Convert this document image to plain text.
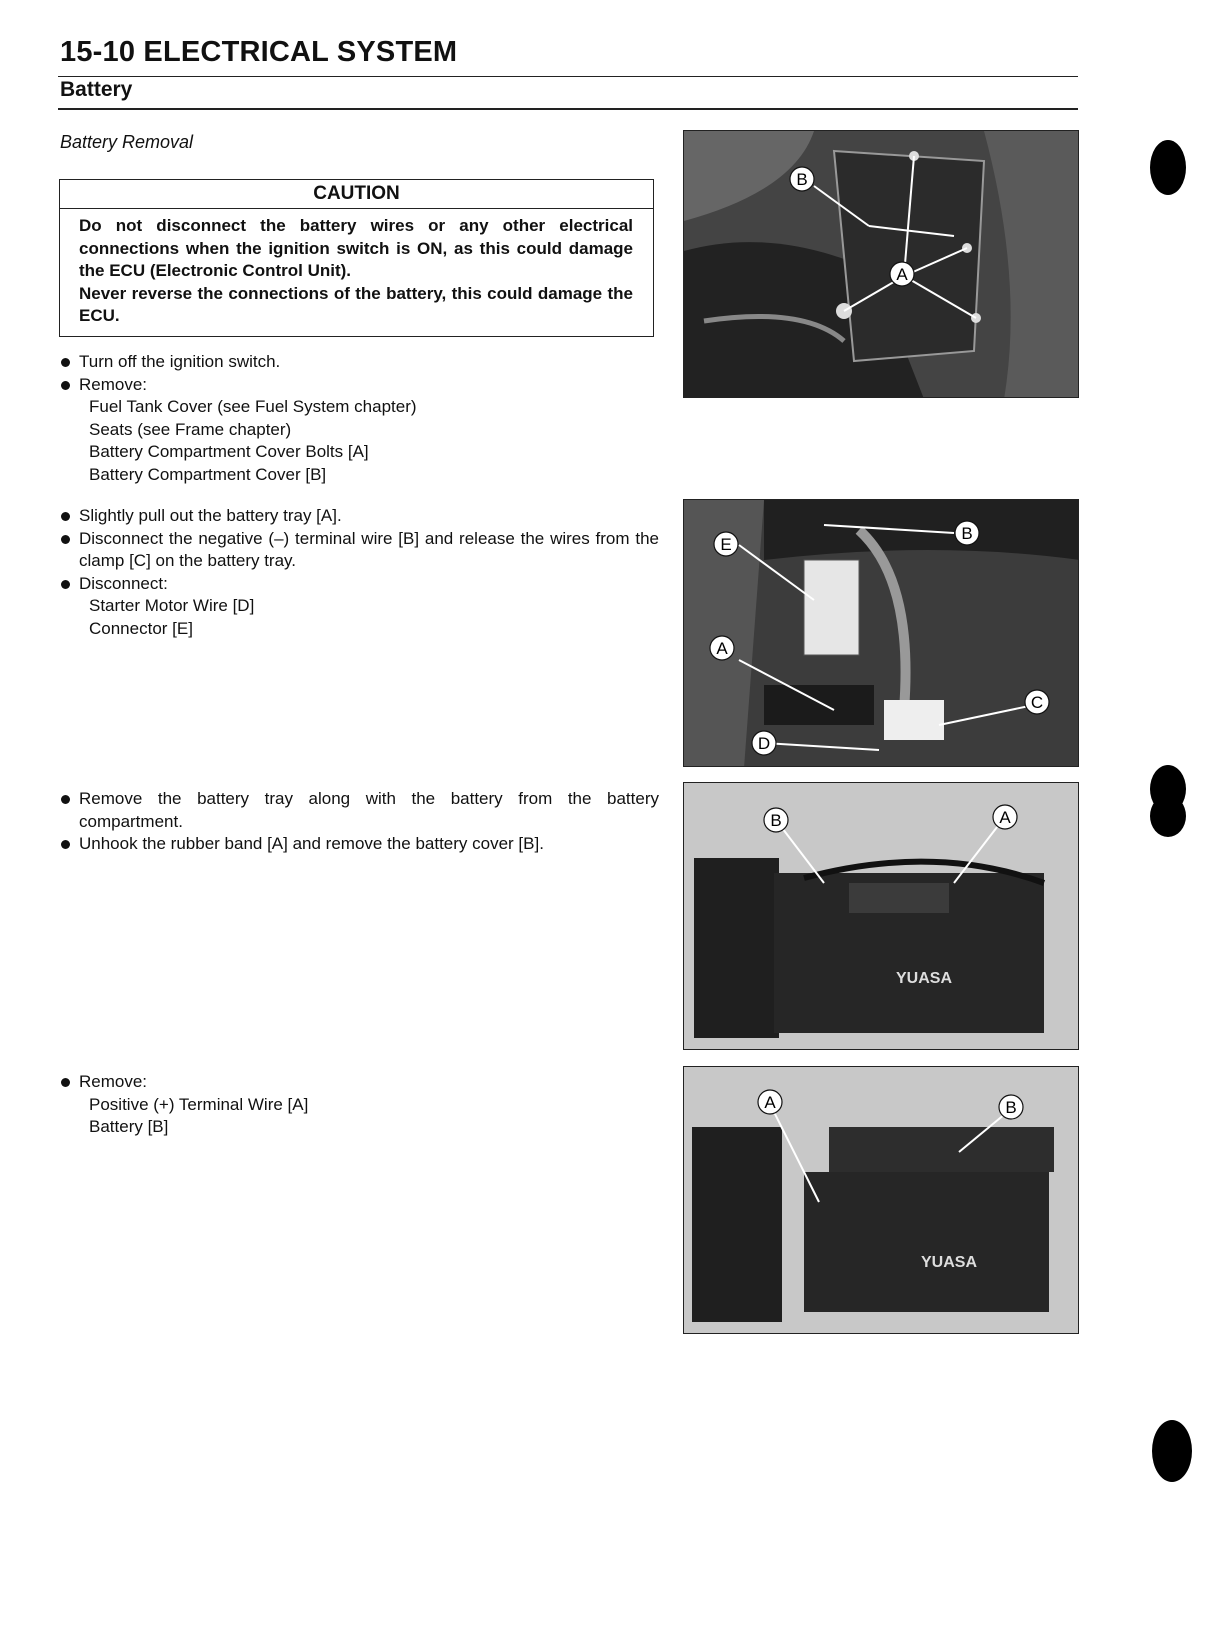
15-10 ELECTRICAL SYSTEM
Battery
Battery Removal
CAUTION

Do not disconnect the battery wires or any other electrical connections when the ignition switch is ON, as this could damage the ECU (Electronic Control Unit).

Never reverse the connections of the battery, this could damage the ECU.

Turn off the ignition switch.
Remove:
Fuel Tank Cover (see Fuel System chapter)
Seats (see Frame chapter)
Battery Compartment Cover Bolts [A]
Battery Compartment Cover [B]
Slightly pull out the battery tray [A].
Disconnect the negative (–) terminal wire [B] and release the wires from the clamp [C] on the battery tray.
Disconnect:
Starter Motor Wire [D]
Connector [E]
Remove the battery tray along with the battery from the battery compartment.
Unhook the rubber band [A] and remove the battery cover [B].
Remove:
Positive (+) Terminal Wire [A]
Battery [B]
B
A
E
B
A
C
D
YUASA
B	A
YUASA
A	B
